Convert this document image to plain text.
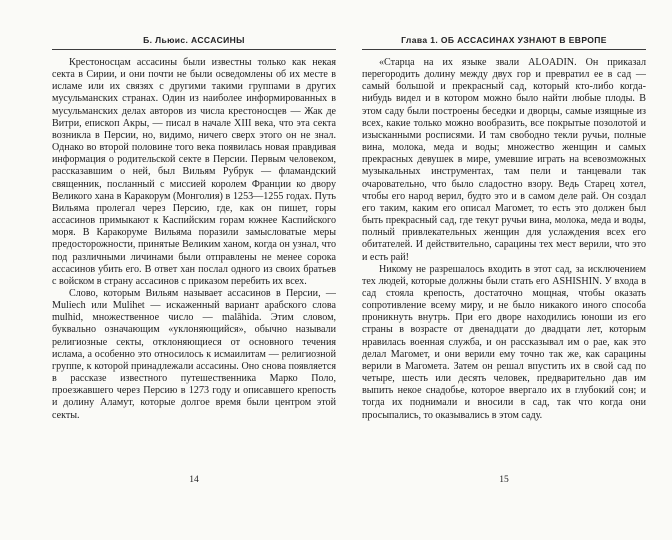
Б. Льюис. АССАСИНЫ

Крестоносцам ассасины были известны только как некая секта в Сирии, и они почти не были осведомлены об их месте в исламе или их связях с другими такими группами в других мусульманских странах. Один из наиболее информированных в мусульманских делах авторов из числа крестоносцев — Жак де Витри, епископ Акры, — писал в начале XIII века, что эта секта возникла в Персии, но, видимо, ничего сверх этого он не знал. Однако во второй половине того века появилась новая правдивая информация о родительской секте в Персии. Первым человеком, рассказавшим о ней, был Вильям Рубрук — фламандский священник, посланный с миссией королем Франции ко двору Великого хана в Каракорум (Монголия) в 1253—1255 годах. Путь Вильяма пролегал через Персию, где, как он пишет, горы ассасинов примыкают к Каспийским горам южнее Каспийского моря. В Каракоруме Вильяма поразили замысловатые меры предосторожности, принятые Великим ханом, когда он узнал, что под различными личинами были отправлены не менее сорока ассасинов убить его. В ответ хан послал одного из своих братьев с войском в страну ассасинов с приказом перебить их всех.

Слово, которым Вильям называет ассасинов в Персии, — Muliech или Mulihet — искаженный вариант арабского слова mulhid, множественное число — malāhida. Этим словом, буквально означающим «уклоняющийся», обычно называли религиозные секты, отклоняющиеся от основного течения ислама, а особенно это относилось к исмаилитам — религиозной группе, к которой принадлежали ассасины. Оно снова появляется в рассказе известного путешественника Марко Поло, проезжавшего через Персию в 1273 году и описавшего крепость и долину Аламут, которые долгое время были центром этой секты.

14
Глава 1. ОБ АССАСИНАХ УЗНАЮТ В ЕВРОПЕ

«Старца на их языке звали ALOADIN. Он приказал перегородить долину между двух гор и превратил ее в сад — самый большой и прекрасный сад, который кто-либо когда-нибудь видел и в котором можно было найти любые плоды. В этом саду были построены беседки и дворцы, самые изящные из всех, какие только можно вообразить, все покрытые позолотой и изысканными росписями. И там свободно текли ручьи, полные вина, молока, меда и воды; множество женщин и самых прекрасных девушек в мире, умевшие играть на всевозможных музыкальных инструментах, там пели и танцевали так очаровательно, что было сладостно взору. Ведь Старец хотел, чтобы его народ верил, будто это и в самом деле рай. Он создал его таким, каким его описал Магомет, то есть это должен был быть прекрасный сад, где текут ручьи вина, молока, меда и воды, полный привлекательных женщин для услаждения всех его обитателей. И действительно, сарацины тех мест верили, что это и есть рай!

Никому не разрешалось входить в этот сад, за исключением тех людей, которые должны были стать его ASHISHIN. У входа в сад стояла крепость, достаточно мощная, чтобы оказать сопротивление всему миру, и не было никакого иного способа проникнуть внутрь. При его дворе находились юноши из его страны в возрасте от двенадцати до двадцати лет, которым нравилась военная служба, и он рассказывал им о рае, как это делал Магомет, и они верили ему точно так же, как сарацины верили в Магомета. Затем он решал впустить их в свой сад по четыре, шесть или десять человек, предварительно дав им выпить некое снадобье, которое ввергало их в глубокий сон; и тогда их поднимали и вносили в сад, так что когда они просыпались, то оказывались в этом саду.

15
